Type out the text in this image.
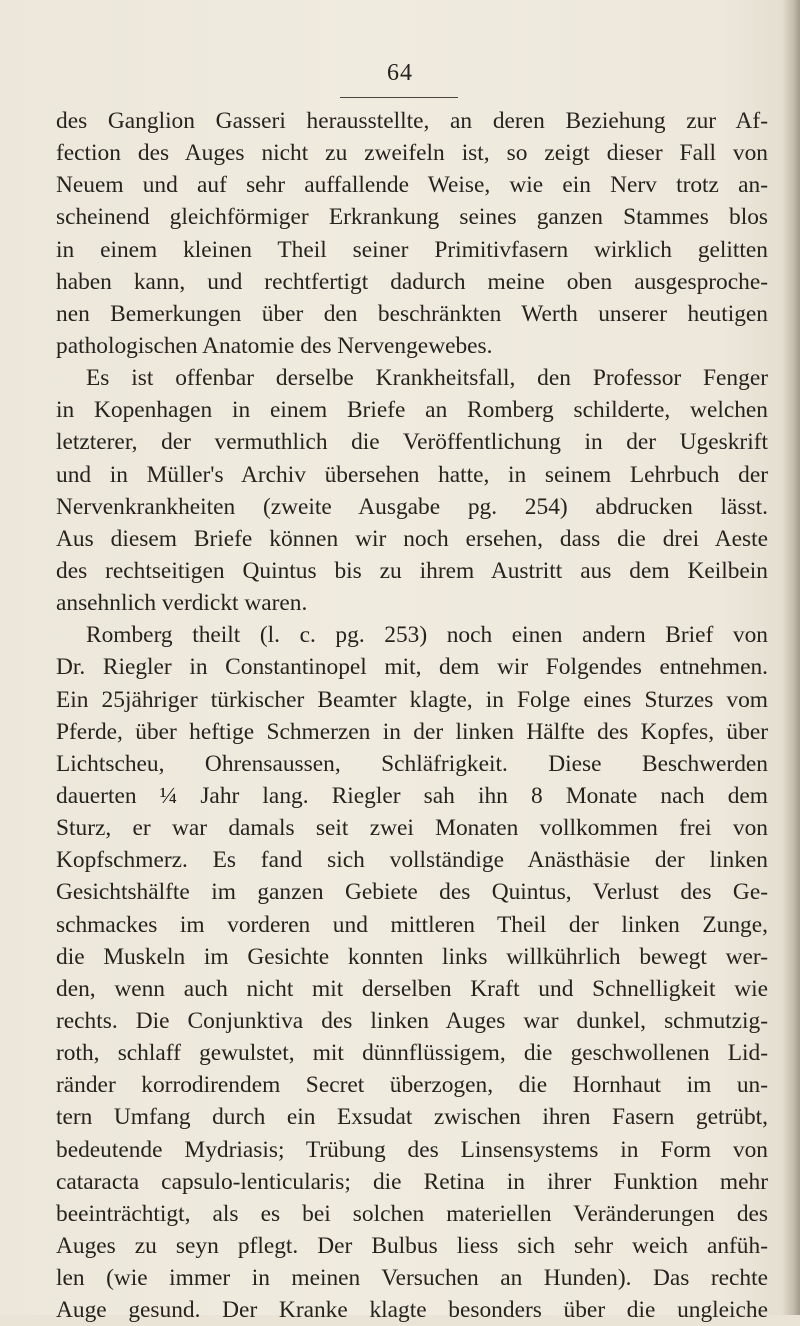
64
des Ganglion Gasseri herausstellte, an deren Beziehung zur Af-
fection des Auges nicht zu zweifeln ist, so zeigt dieser Fall von
Neuem und auf sehr auffallende Weise, wie ein Nerv trotz an-
scheinend gleichförmiger Erkrankung seines ganzen Stammes blos
in einem kleinen Theil seiner Primitivfasern wirklich gelitten
haben kann, und rechtfertigt dadurch meine oben ausgesproche-
nen Bemerkungen über den beschränkten Werth unserer heutigen
pathologischen Anatomie des Nervengewebes.
Es ist offenbar derselbe Krankheitsfall, den Professor Fenger
in Kopenhagen in einem Briefe an Romberg schilderte, welchen
letzterer, der vermuthlich die Veröffentlichung in der Ugeskrift
und in Müller's Archiv übersehen hatte, in seinem Lehrbuch der
Nervenkrankheiten (zweite Ausgabe pg. 254) abdrucken lässt.
Aus diesem Briefe können wir noch ersehen, dass die drei Aeste
des rechtseitigen Quintus bis zu ihrem Austritt aus dem Keilbein
ansehnlich verdickt waren.
Romberg theilt (l. c. pg. 253) noch einen andern Brief von
Dr. Riegler in Constantinopel mit, dem wir Folgendes entnehmen.
Ein 25jähriger türkischer Beamter klagte, in Folge eines Sturzes vom
Pferde, über heftige Schmerzen in der linken Hälfte des Kopfes, über
Lichtscheu, Ohrensaussen, Schläfrigkeit. Diese Beschwerden
dauerten ¼ Jahr lang. Riegler sah ihn 8 Monate nach dem
Sturz, er war damals seit zwei Monaten vollkommen frei von
Kopfschmerz. Es fand sich vollständige Anästhäsie der linken
Gesichtshälfte im ganzen Gebiete des Quintus, Verlust des Ge-
schmackes im vorderen und mittleren Theil der linken Zunge,
die Muskeln im Gesichte konnten links willkührlich bewegt wer-
den, wenn auch nicht mit derselben Kraft und Schnelligkeit wie
rechts. Die Conjunktiva des linken Auges war dunkel, schmutzig-
roth, schlaff gewulstet, mit dünnflüssigem, die geschwollenen Lid-
ränder korrodirendem Secret überzogen, die Hornhaut im un-
tern Umfang durch ein Exsudat zwischen ihren Fasern getrübt,
bedeutende Mydriasis; Trübung des Linsensystems in Form von
cataracta capsulo-lenticularis; die Retina in ihrer Funktion mehr
beeinträchtigt, als es bei solchen materiellen Veränderungen des
Auges zu seyn pflegt. Der Bulbus liess sich sehr weich anfüh-
len (wie immer in meinen Versuchen an Hunden). Das rechte
Auge gesund. Der Kranke klagte besonders über die ungleiche
